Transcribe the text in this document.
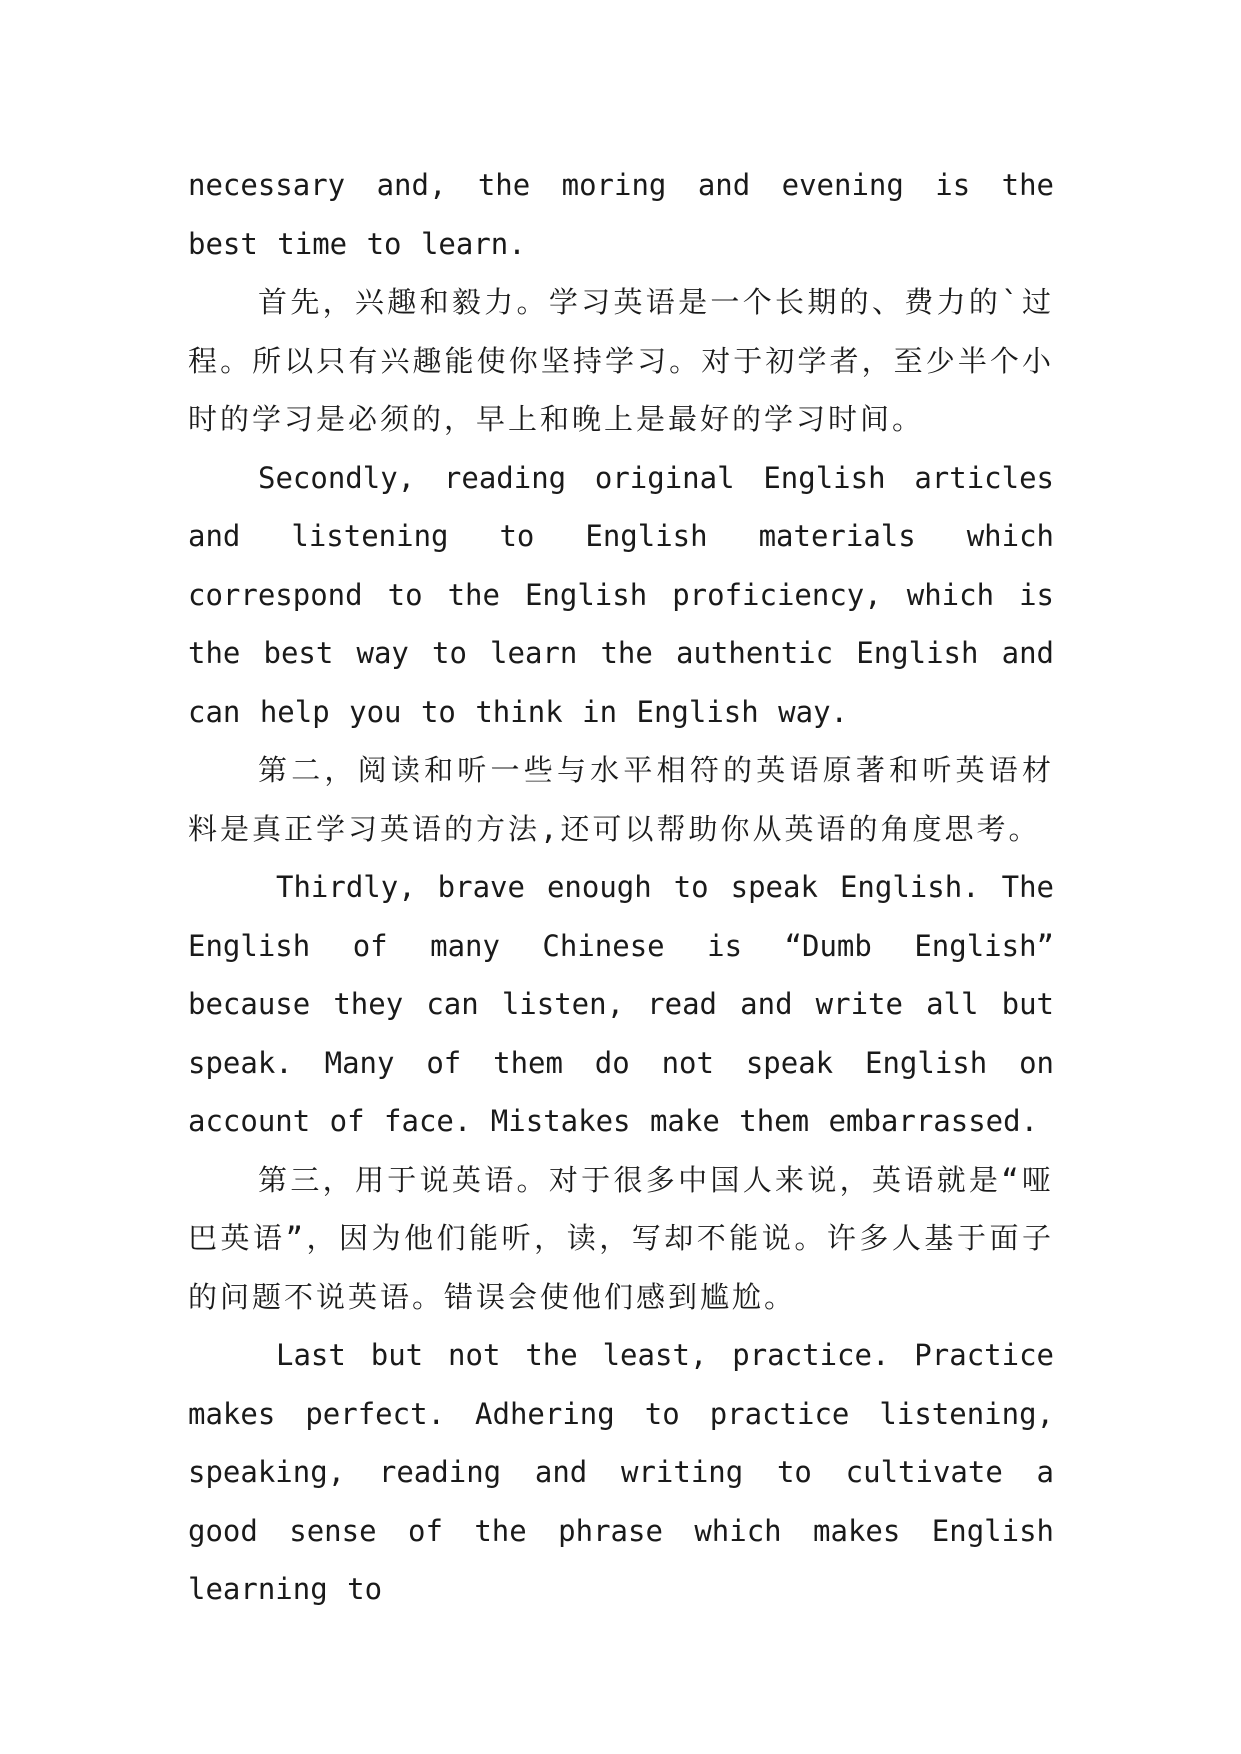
necessary and, the moring and evening is the best time to learn.

首先，兴趣和毅力。学习英语是一个长期的、费力的`过程。所以只有兴趣能使你坚持学习。对于初学者，至少半个小时的学习是必须的，早上和晚上是最好的学习时间。

Secondly, reading original English articles and listening to English materials which correspond to the English proficiency, which is the best way to learn the authentic English and can help you to think in English way.

第二，阅读和听一些与水平相符的英语原著和听英语材料是真正学习英语的方法,还可以帮助你从英语的角度思考。

Thirdly, brave enough to speak English. The English of many Chinese is “Dumb English” because they can listen, read and write all but speak. Many of them do not speak English on account of face. Mistakes make them embarrassed.

第三，用于说英语。对于很多中国人来说，英语就是“哑巴英语”，因为他们能听，读，写却不能说。许多人基于面子的问题不说英语。错误会使他们感到尴尬。

Last but not the least, practice. Practice makes perfect. Adhering to practice listening, speaking, reading and writing to cultivate a good sense of the phrase which makes English learning to
